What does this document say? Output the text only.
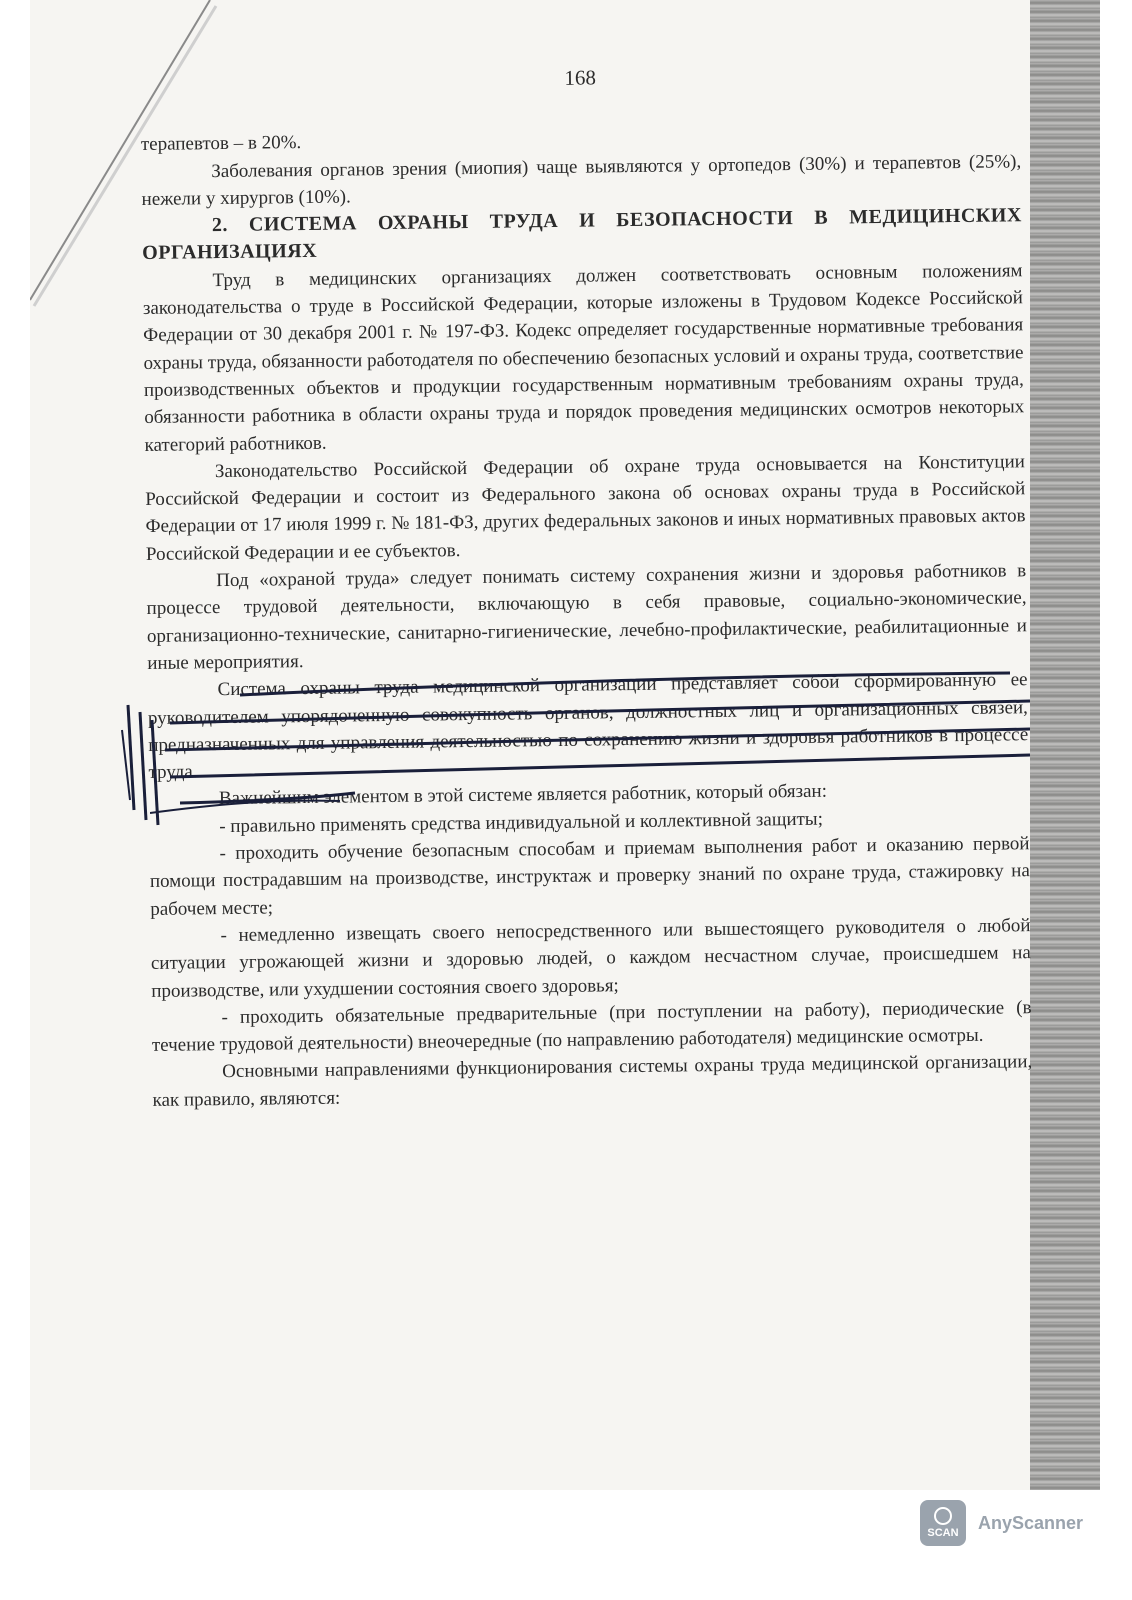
168

терапевтов – в 20%.

Заболевания органов зрения (миопия) чаще выявляются у ортопедов (30%) и терапевтов (25%), нежели у хирургов (10%).

2. СИСТЕМА ОХРАНЫ ТРУДА И БЕЗОПАСНОСТИ В МЕДИЦИНСКИХ ОРГАНИЗАЦИЯХ

Труд в медицинских организациях должен соответствовать основным положениям законодательства о труде в Российской Федерации, которые изложены в Трудовом Кодексе Российской Федерации от 30 декабря 2001 г. № 197-ФЗ. Кодекс определяет государственные нормативные требования охраны труда, обязанности работодателя по обеспечению безопасных условий и охраны труда, соответствие производственных объектов и продукции государственным нормативным требованиям охраны труда, обязанности работника в области охраны труда и порядок проведения медицинских осмотров некоторых категорий работников.

Законодательство Российской Федерации об охране труда основывается на Конституции Российской Федерации и состоит из Федерального закона об основах охраны труда в Российской Федерации от 17 июля 1999 г. № 181-ФЗ, других федеральных законов и иных нормативных правовых актов Российской Федерации и ее субъектов.

Под «охраной труда» следует понимать систему сохранения жизни и здоровья работников в процессе трудовой деятельности, включающую в себя правовые, социально-экономические, организационно-технические, санитарно-гигиенические, лечебно-профилактические, реабилитационные и иные мероприятия.

Система охраны труда медицинской организации представляет собой сформированную ее руководителем упорядоченную совокупность органов, должностных лиц и организационных связей, предназначенных для управления деятельностью по сохранению жизни и здоровья работников в процессе труда.

Важнейшим элементом в этой системе является работник, который обязан:

- правильно применять средства индивидуальной и коллективной защиты;

- проходить обучение безопасным способам и приемам выполнения работ и оказанию первой помощи пострадавшим на производстве, инструктаж и проверку знаний по охране труда, стажировку на рабочем месте;

- немедленно извещать своего непосредственного или вышестоящего руководителя о любой ситуации угрожающей жизни и здоровью людей, о каждом несчастном случае, происшедшем на производстве, или ухудшении состояния своего здоровья;

- проходить обязательные предварительные (при поступлении на работу), периодические (в течение трудовой деятельности) внеочередные (по направлению работодателя) медицинские осмотры.

Основными направлениями функционирования системы охраны труда медицинской организации, как правило, являются:

SCAN
AnyScanner
